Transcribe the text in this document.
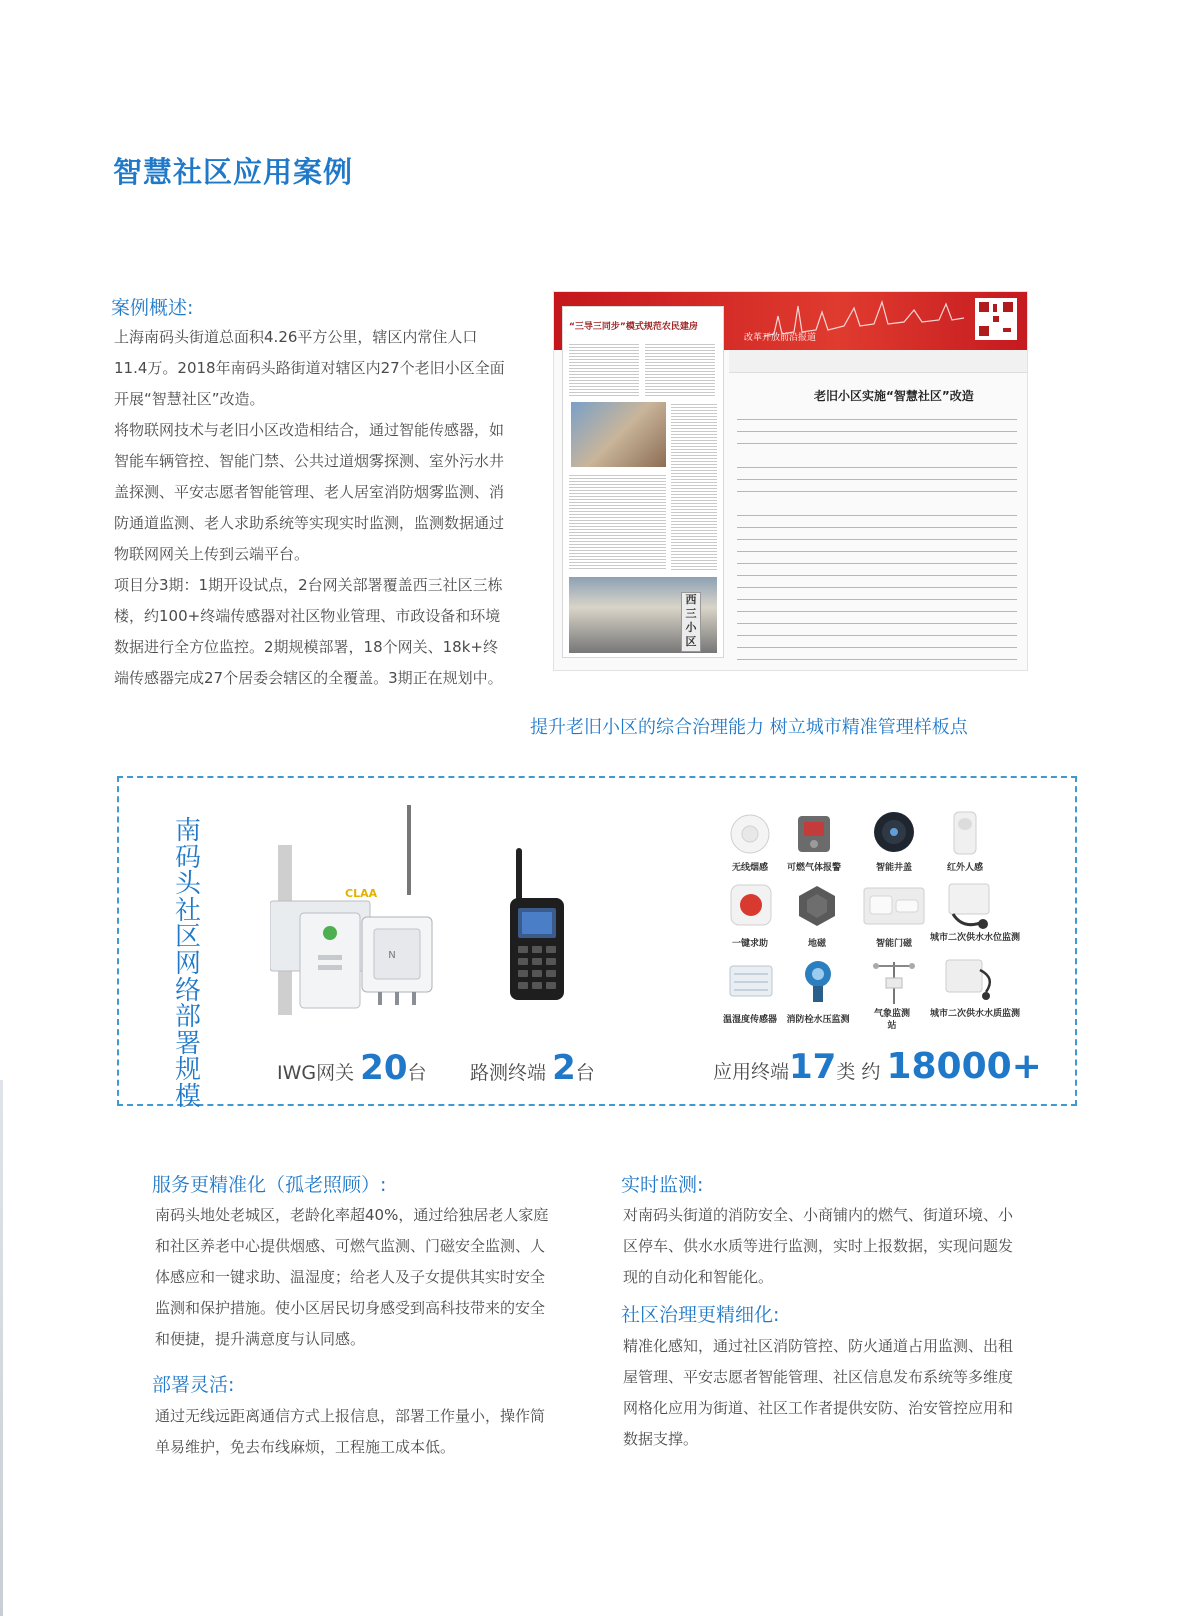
智慧社区应用案例
案例概述:

上海南码头街道总面积4.26平方公里，辖区内常住人口11.4万。2018年南码头路街道对辖区内27个老旧小区全面开展“智慧社区”改造。

将物联网技术与老旧小区改造相结合，通过智能传感器，如智能车辆管控、智能门禁、公共过道烟雾探测、室外污水井盖探测、平安志愿者智能管理、老人居室消防烟雾监测、消防通道监测、老人求助系统等实现实时监测，监测数据通过物联网网关上传到云端平台。

项目分3期：1期开设试点，2台网关部署覆盖西三社区三栋楼，约100+终端传感器对社区物业管理、市政设备和环境数据进行全方位监控。2期规模部署，18个网关、18k+终端传感器完成27个居委会辖区的全覆盖。3期正在规划中。

改革开放前沿报道
“三导三同步”模式规范农民建房
西三小区
老旧小区实施“智慧社区”改造
提升老旧小区的综合治理能力 树立城市精准管理样板点
南码头社区网络部署规模
N
CLAA
无线烟感	可燃气体报警	智能井盖	红外人感
一键求助	地磁	智能门磁
城市二次供水水位监测
温湿度传感器	消防栓水压监测
气象监测站
城市二次供水水质监测
IWG网关 20台 路测终端 2台	应用终端17类 约 18000+
服务更精准化（孤老照顾）:

南码头地处老城区，老龄化率超40%，通过给独居老人家庭和社区养老中心提供烟感、可燃气监测、门磁安全监测、人体感应和一键求助、温湿度；给老人及子女提供其实时安全监测和保护措施。使小区居民切身感受到高科技带来的安全和便捷，提升满意度与认同感。

部署灵活:

通过无线远距离通信方式上报信息，部署工作量小，操作简单易维护，免去布线麻烦，工程施工成本低。

实时监测:

对南码头街道的消防安全、小商铺内的燃气、街道环境、小区停车、供水水质等进行监测，实时上报数据，实现问题发现的自动化和智能化。

社区治理更精细化:

精准化感知，通过社区消防管控、防火通道占用监测、出租屋管理、平安志愿者智能管理、社区信息发布系统等多维度网格化应用为街道、社区工作者提供安防、治安管控应用和数据支撑。
